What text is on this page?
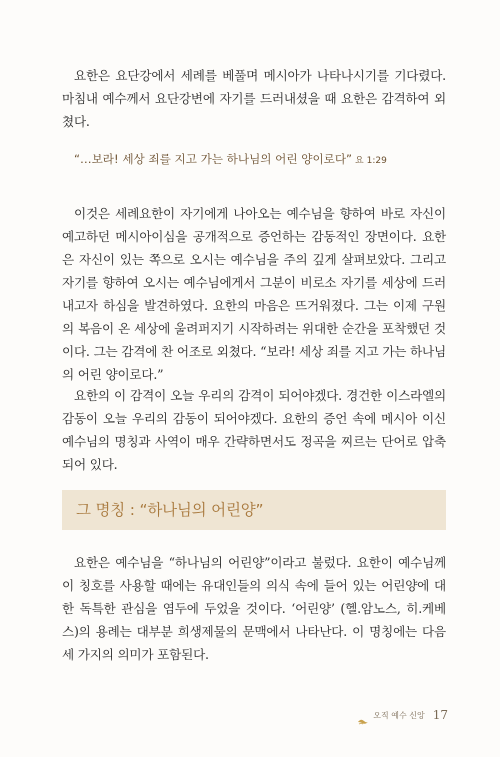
요한은 요단강에서 세례를 베풀며 메시아가 나타나시기를 기다렸다. 마침내 예수께서 요단강변에 자기를 드러내셨을 때 요한은 감격하여 외쳤다.

“…보라! 세상 죄를 지고 가는 하나님의 어린 양이로다” 요 1:29

이것은 세례요한이 자기에게 나아오는 예수님을 향하여 바로 자신이 예고하던 메시아이심을 공개적으로 증언하는 감동적인 장면이다. 요한은 자신이 있는 쪽으로 오시는 예수님을 주의 깊게 살펴보았다. 그리고 자기를 향하여 오시는 예수님에게서 그분이 비로소 자기를 세상에 드러내고자 하심을 발견하였다. 요한의 마음은 뜨거워졌다. 그는 이제 구원의 복음이 온 세상에 울려퍼지기 시작하려는 위대한 순간을 포착했던 것이다. 그는 감격에 찬 어조로 외쳤다. “보라! 세상 죄를 지고 가는 하나님의 어린 양이로다.”

요한의 이 감격이 오늘 우리의 감격이 되어야겠다. 경건한 이스라엘의 감동이 오늘 우리의 감동이 되어야겠다. 요한의 증언 속에 메시아 이신 예수님의 명칭과 사역이 매우 간략하면서도 정곡을 찌르는 단어로 압축되어 있다.

그 명칭 : “하나님의 어린양”

요한은 예수님을 “하나님의 어린양”이라고 불렀다. 요한이 예수님께 이 칭호를 사용할 때에는 유대인들의 의식 속에 들어 있는 어린양에 대한 독특한 관심을 염두에 두었을 것이다. ‘어린양’ (헬.암노스, 히.케베스)의 용례는 대부분 희생제물의 문맥에서 나타난다. 이 명칭에는 다음 세 가지의 의미가 포함된다.

오직 예수 신앙 17
